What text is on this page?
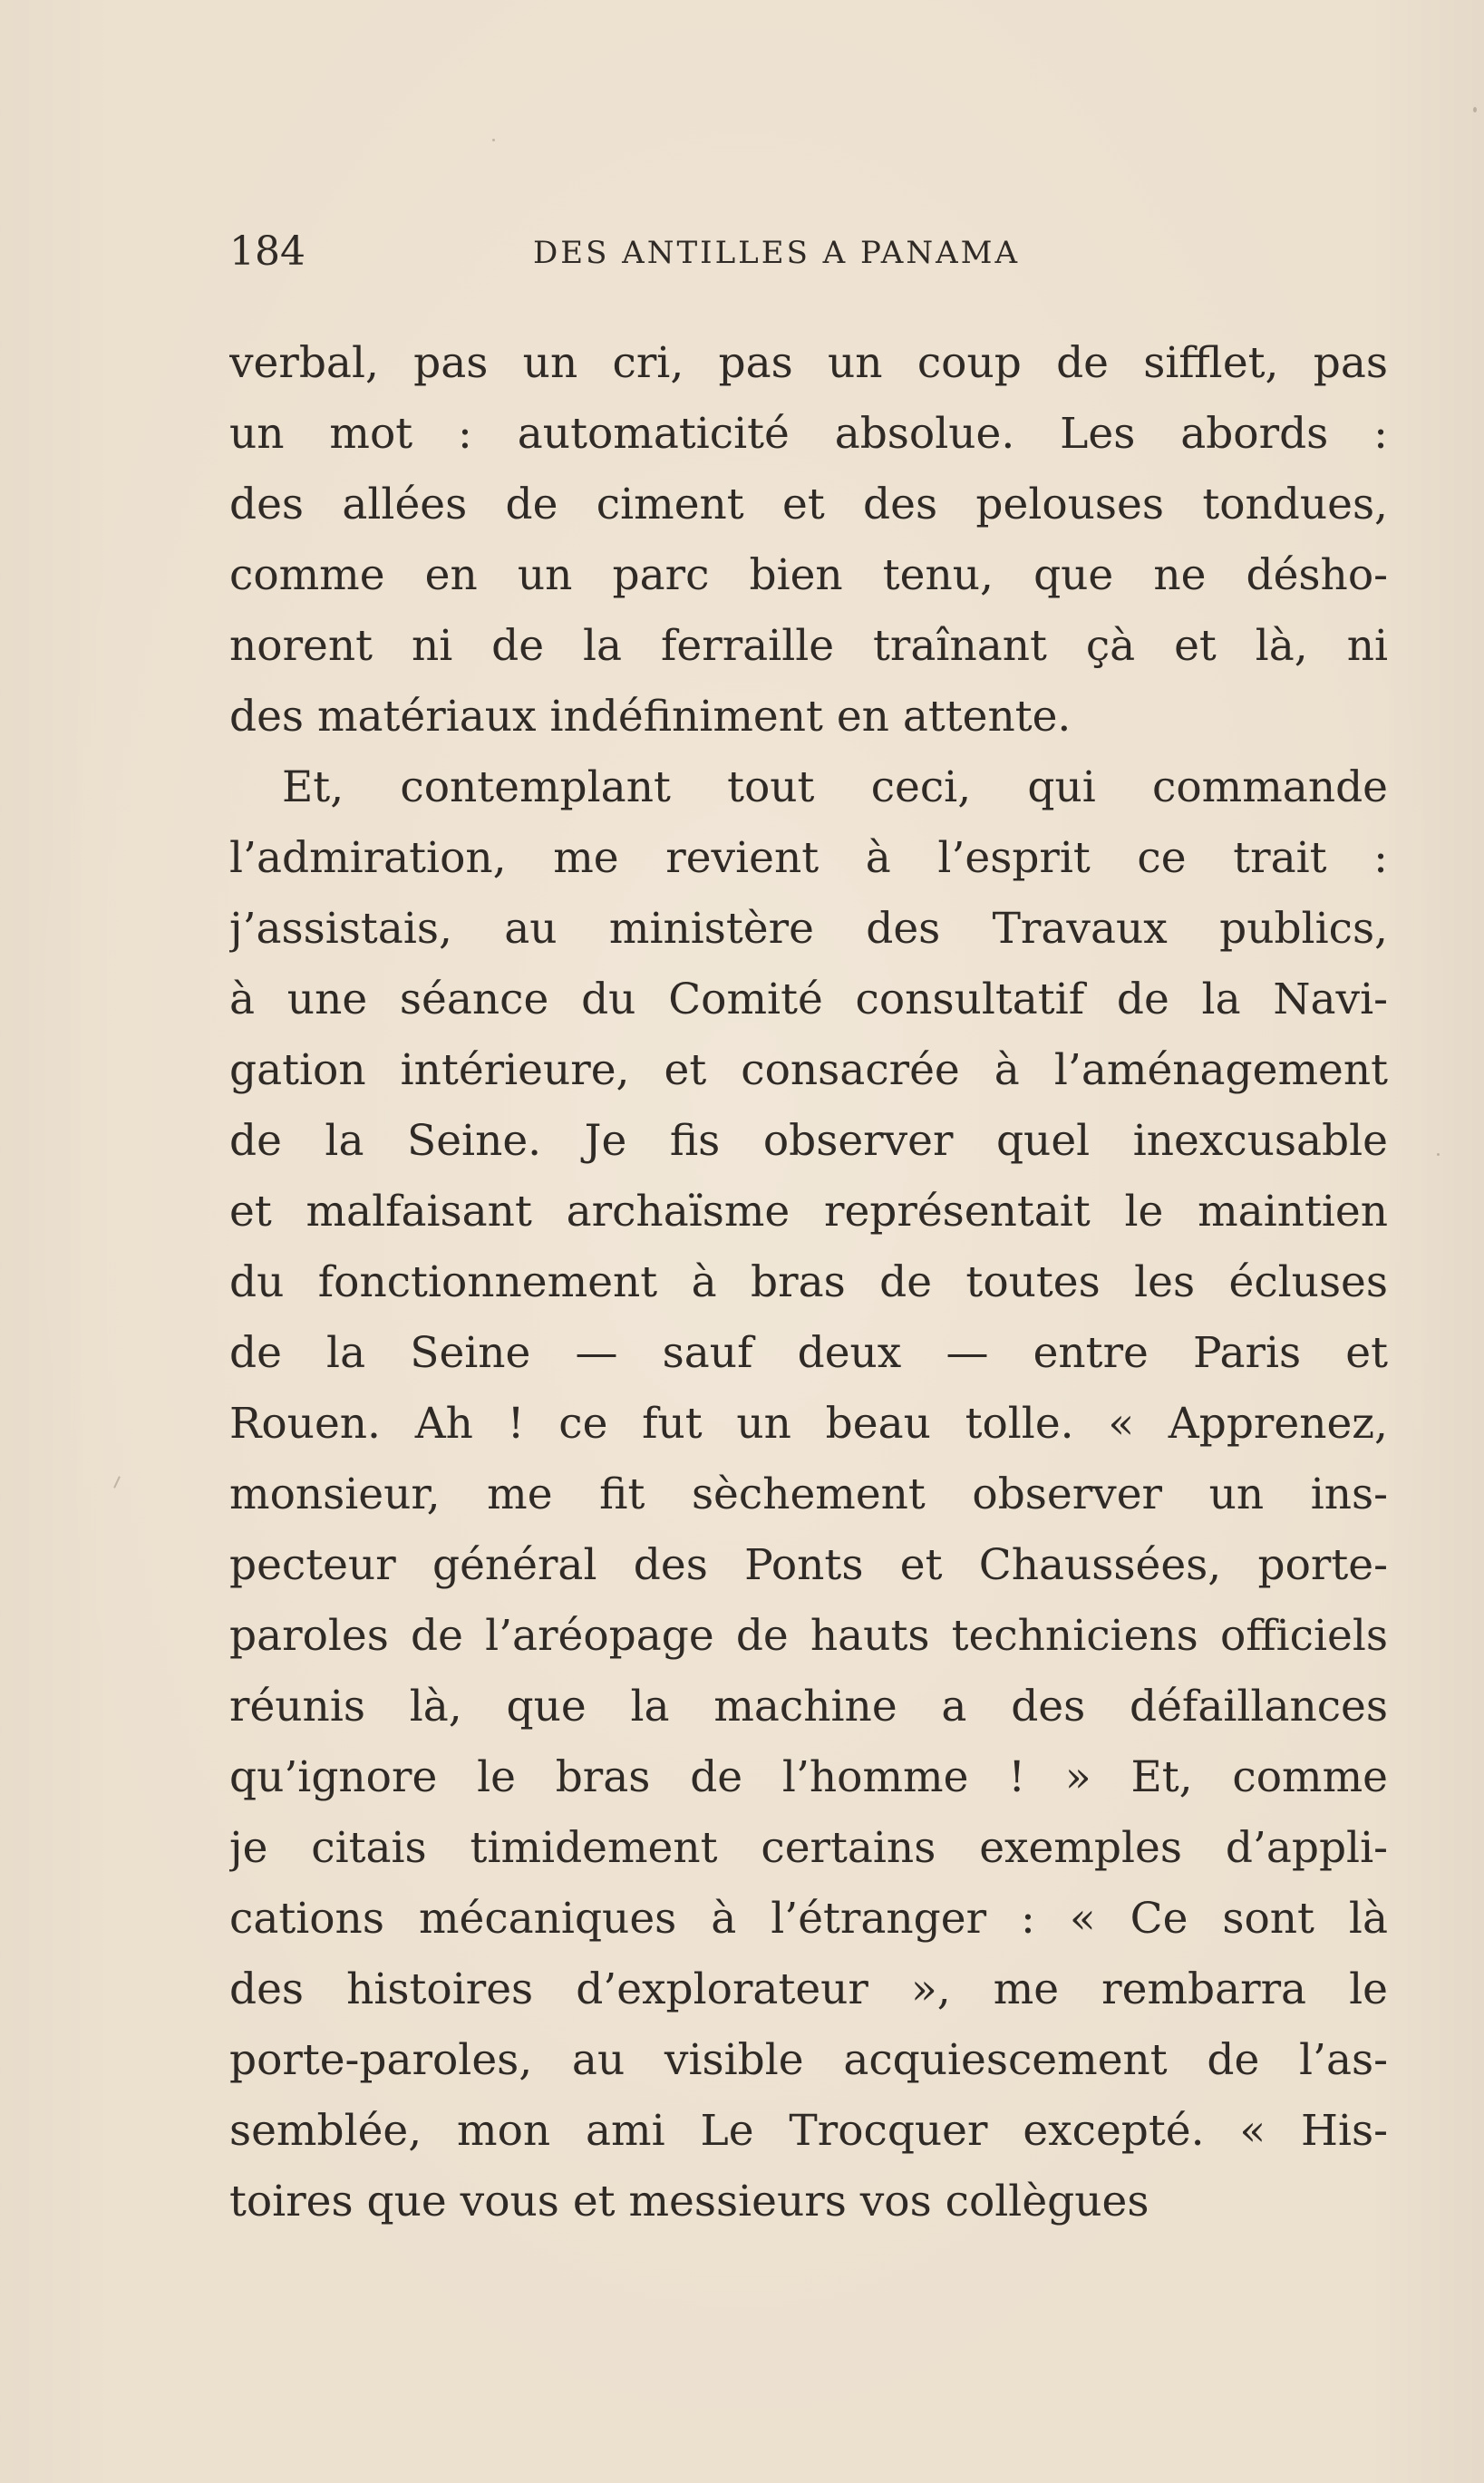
184	DES ANTILLES A PANAMA
verbal, pas un cri, pas un coup de sifflet, pas
un mot : automaticité absolue. Les abords :
des allées de ciment et des pelouses tondues,
comme en un parc bien tenu, que ne désho-
norent ni de la ferraille traînant çà et là, ni
des matériaux indéfiniment en attente.
Et, contemplant tout ceci, qui commande
l’admiration, me revient à l’esprit ce trait :
j’assistais, au ministère des Travaux publics,
à une séance du Comité consultatif de la Navi-
gation intérieure, et consacrée à l’aménagement
de la Seine. Je fis observer quel inexcusable
et malfaisant archaïsme représentait le maintien
du fonctionnement à bras de toutes les écluses
de la Seine — sauf deux — entre Paris et
Rouen. Ah ! ce fut un beau tolle. « Apprenez,
monsieur, me fit sèchement observer un ins-
pecteur général des Ponts et Chaussées, porte-
paroles de l’aréopage de hauts techniciens officiels
réunis là, que la machine a des défaillances
qu’ignore le bras de l’homme ! » Et, comme
je citais timidement certains exemples d’appli-
cations mécaniques à l’étranger : « Ce sont là
des histoires d’explorateur », me rembarra le
porte-paroles, au visible acquiescement de l’as-
semblée, mon ami Le Trocquer excepté. « His-
toires que vous et messieurs vos collègues
